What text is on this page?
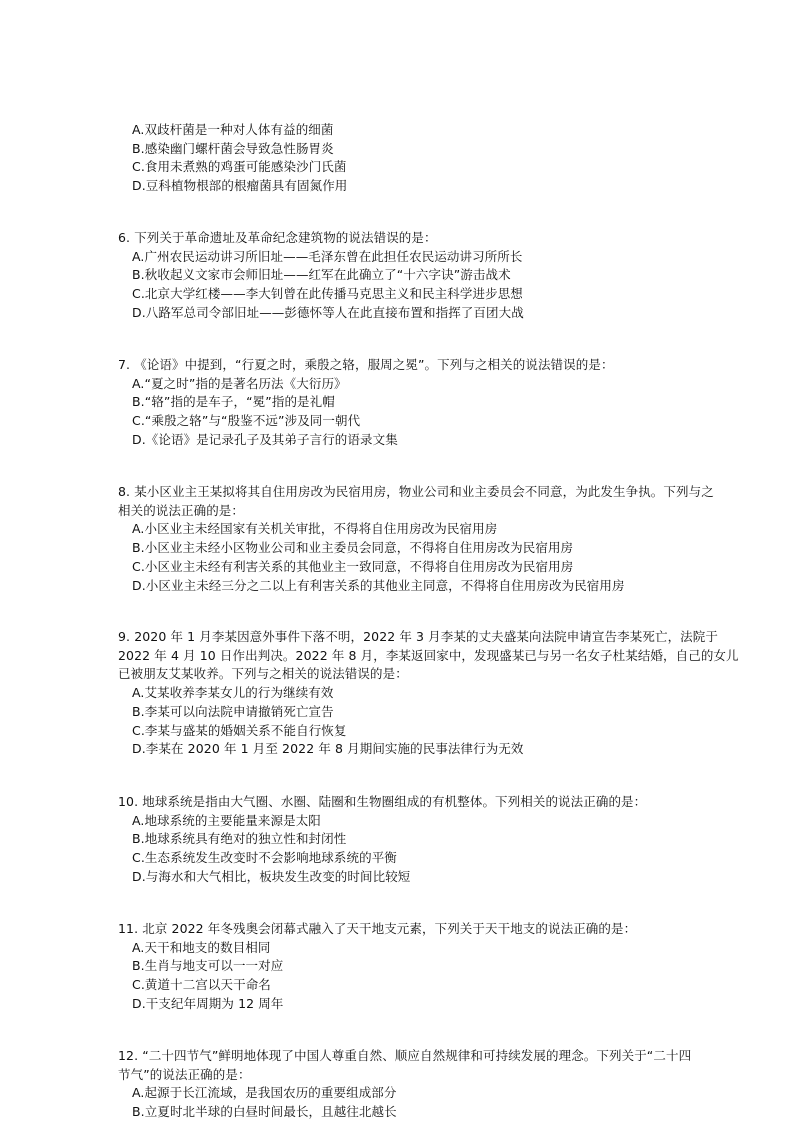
A.双歧杆菌是一种对人体有益的细菌
B.感染幽门螺杆菌会导致急性肠胃炎
C.食用未煮熟的鸡蛋可能感染沙门氏菌
D.豆科植物根部的根瘤菌具有固氮作用
6. 下列关于革命遗址及革命纪念建筑物的说法错误的是：
A.广州农民运动讲习所旧址——毛泽东曾在此担任农民运动讲习所所长
B.秋收起义文家市会师旧址——红军在此确立了“十六字诀”游击战术
C.北京大学红楼——李大钊曾在此传播马克思主义和民主科学进步思想
D.八路军总司令部旧址——彭德怀等人在此直接布置和指挥了百团大战
7. 《论语》中提到，“行夏之时，乘殷之辂，服周之冕”。下列与之相关的说法错误的是：
A.“夏之时”指的是著名历法《大衍历》
B.“辂”指的是车子，“冕”指的是礼帽
C.“乘殷之辂”与“殷鉴不远”涉及同一朝代
D.《论语》是记录孔子及其弟子言行的语录文集
8. 某小区业主王某拟将其自住用房改为民宿用房，物业公司和业主委员会不同意，为此发生争执。下列与之
相关的说法正确的是：
A.小区业主未经国家有关机关审批，不得将自住用房改为民宿用房
B.小区业主未经小区物业公司和业主委员会同意，不得将自住用房改为民宿用房
C.小区业主未经有利害关系的其他业主一致同意，不得将自住用房改为民宿用房
D.小区业主未经三分之二以上有利害关系的其他业主同意，不得将自住用房改为民宿用房
9. 2020 年 1 月李某因意外事件下落不明，2022 年 3 月李某的丈夫盛某向法院申请宣告李某死亡，法院于
2022 年 4 月 10 日作出判决。2022 年 8 月，李某返回家中，发现盛某已与另一名女子杜某结婚，自己的女儿
已被朋友艾某收养。下列与之相关的说法错误的是：
A.艾某收养李某女儿的行为继续有效
B.李某可以向法院申请撤销死亡宣告
C.李某与盛某的婚姻关系不能自行恢复
D.李某在 2020 年 1 月至 2022 年 8 月期间实施的民事法律行为无效
10. 地球系统是指由大气圈、水圈、陆圈和生物圈组成的有机整体。下列相关的说法正确的是：
A.地球系统的主要能量来源是太阳
B.地球系统具有绝对的独立性和封闭性
C.生态系统发生改变时不会影响地球系统的平衡
D.与海水和大气相比，板块发生改变的时间比较短
11. 北京 2022 年冬残奥会闭幕式融入了天干地支元素，下列关于天干地支的说法正确的是：
A.天干和地支的数目相同
B.生肖与地支可以一一对应
C.黄道十二宫以天干命名
D.干支纪年周期为 12 周年
12. “二十四节气”鲜明地体现了中国人尊重自然、顺应自然规律和可持续发展的理念。下列关于“二十四
节气”的说法正确的是：
A.起源于长江流域，是我国农历的重要组成部分
B.立夏时北半球的白昼时间最长，且越往北越长
